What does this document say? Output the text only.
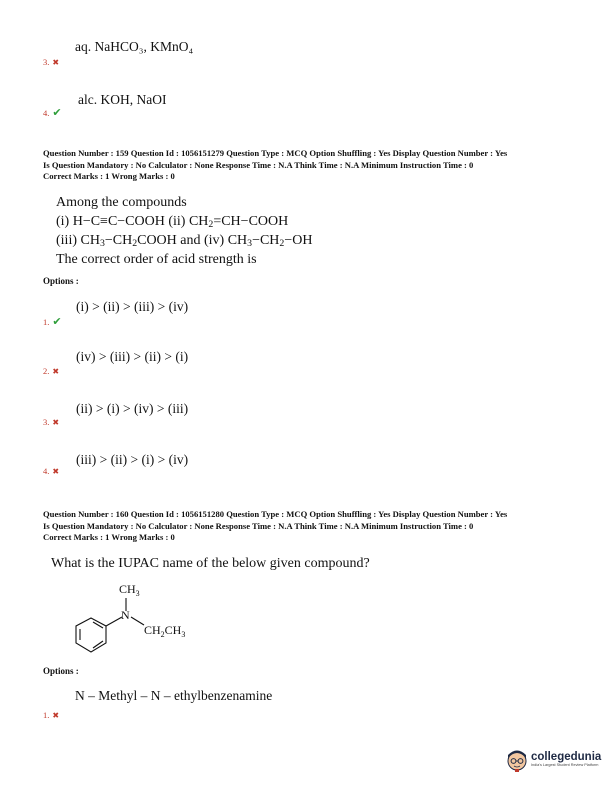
aq. NaHCO₃, KMnO₄
3. ✖
alc. KOH, NaOI
4. ✔
Question Number : 159 Question Id : 1056151279 Question Type : MCQ Option Shuffling : Yes Display Question Number : Yes
Is Question Mandatory : No Calculator : None Response Time : N.A Think Time : N.A Minimum Instruction Time : 0
Correct Marks : 1 Wrong Marks : 0
Among the compounds
(i) H−C≡C−COOH (ii) $CH_2=CH-COOH$
(iii) $CH_3-CH_2COOH$ and (iv) $CH_3-CH_2-OH$
The correct order of acid strength is
Options :
(i) > (ii) > (iii) > (iv)
1. ✔
(iv) > (iii) > (ii) > (i)
2. ✖
(ii) > (i) > (iv) > (iii)
3. ✖
(iii) > (ii) > (i) > (iv)
4. ✖
Question Number : 160 Question Id : 1056151280 Question Type : MCQ Option Shuffling : Yes Display Question Number : Yes
Is Question Mandatory : No Calculator : None Response Time : N.A Think Time : N.A Minimum Instruction Time : 0
Correct Marks : 1 Wrong Marks : 0
What is the IUPAC name of the below given compound?
$CH_3$
N
$CH_2CH_3$
Options :
N – Methyl – N – ethylbenzenamine
1. ✖
collegedunia
India's Largest Student Review Platform
